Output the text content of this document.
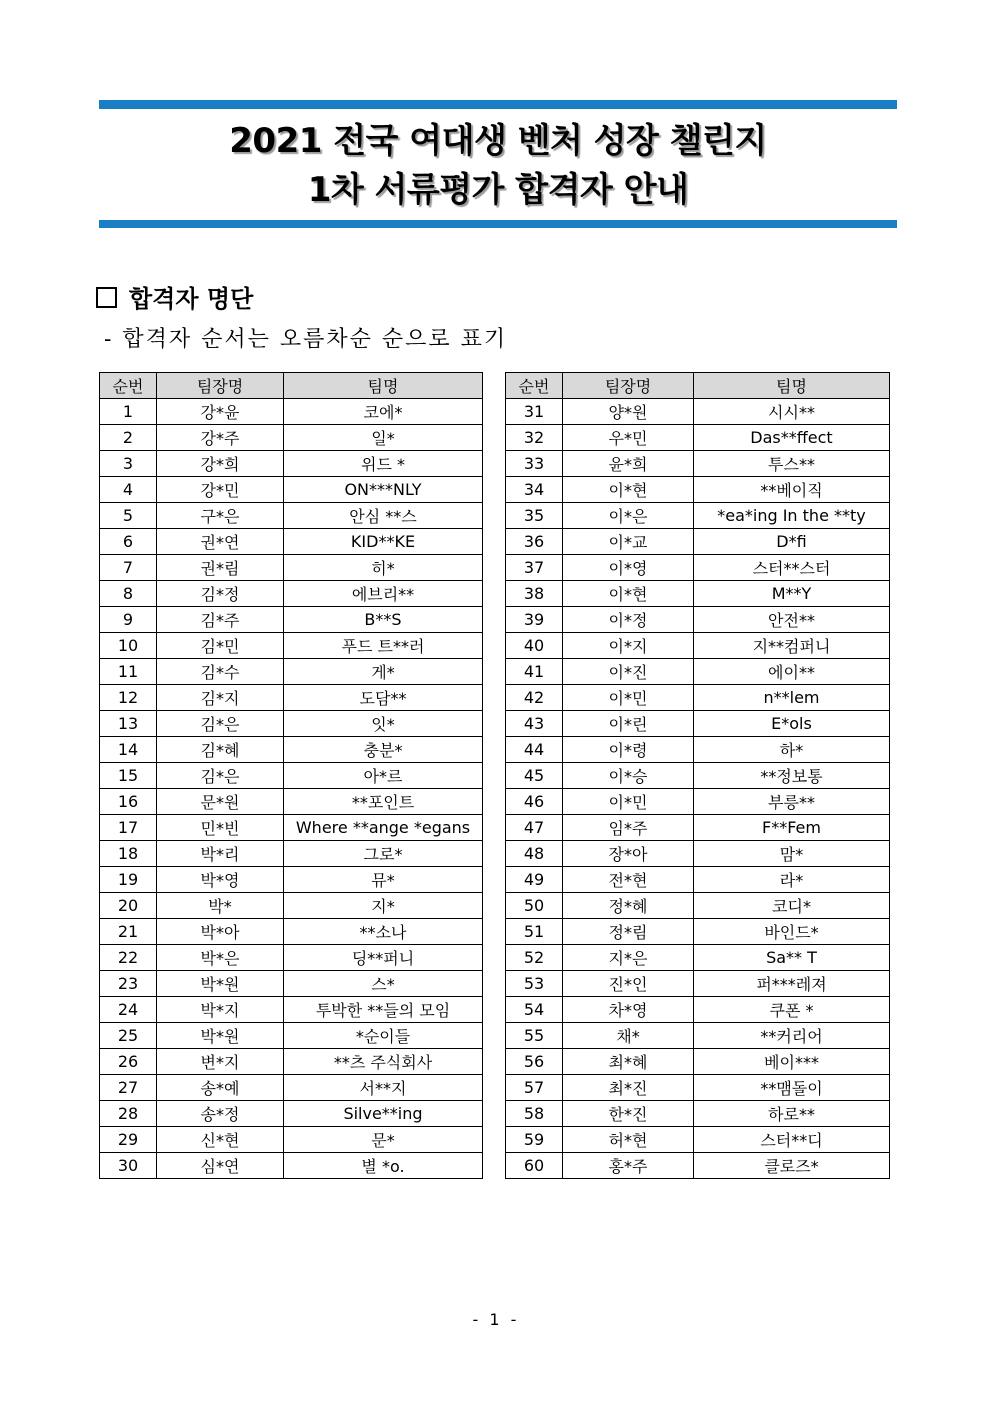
2021 전국 여대생 벤처 성장 챌린지
1차 서류평가 합격자 안내
합격자 명단
- 합격자 순서는 오름차순 순으로 표기
순번	팀장명	팀명
1	강*윤	코에*
2	강*주	일*
3	강*희	위드 *
4	강*민	ON***NLY
5	구*은	안심 **스
6	권*연	KID**KE
7	권*림	히*
8	김*정	에브리**
9	김*주	B**S
10	김*민	푸드 트**러
11	김*수	게*
12	김*지	도담**
13	김*은	잇*
14	김*혜	충분*
15	김*은	아*르
16	문*원	**포인트
17	민*빈	Where **ange *egans
18	박*리	그로*
19	박*영	뮤*
20	박*	지*
21	박*아	**소나
22	박*은	딩**퍼니
23	박*원	스*
24	박*지	투박한 **들의 모임
25	박*원	*순이들
26	변*지	**츠 주식회사
27	송*예	서**지
28	송*정	Silve**ing
29	신*현	문*
30	심*연	별 *o.
순번	팀장명	팀명
31	양*원	시시**
32	우*민	Das**ffect
33	윤*희	투스**
34	이*현	**베이직
35	이*은	*ea*ing In the **ty
36	이*교	D*fi
37	이*영	스터**스터
38	이*현	M**Y
39	이*정	안전**
40	이*지	지**컴퍼니
41	이*진	에이**
42	이*민	n**lem
43	이*린	E*ols
44	이*령	하*
45	이*승	**정보통
46	이*민	부릉**
47	임*주	F**Fem
48	장*아	맘*
49	전*현	라*
50	정*혜	코디*
51	정*림	바인드*
52	지*은	Sa** T
53	진*인	퍼***레져
54	차*영	쿠폰 *
55	채*	**커리어
56	최*혜	베이***
57	최*진	**맴돌이
58	한*진	하로**
59	허*현	스터**디
60	홍*주	클로즈*
- 1 -
